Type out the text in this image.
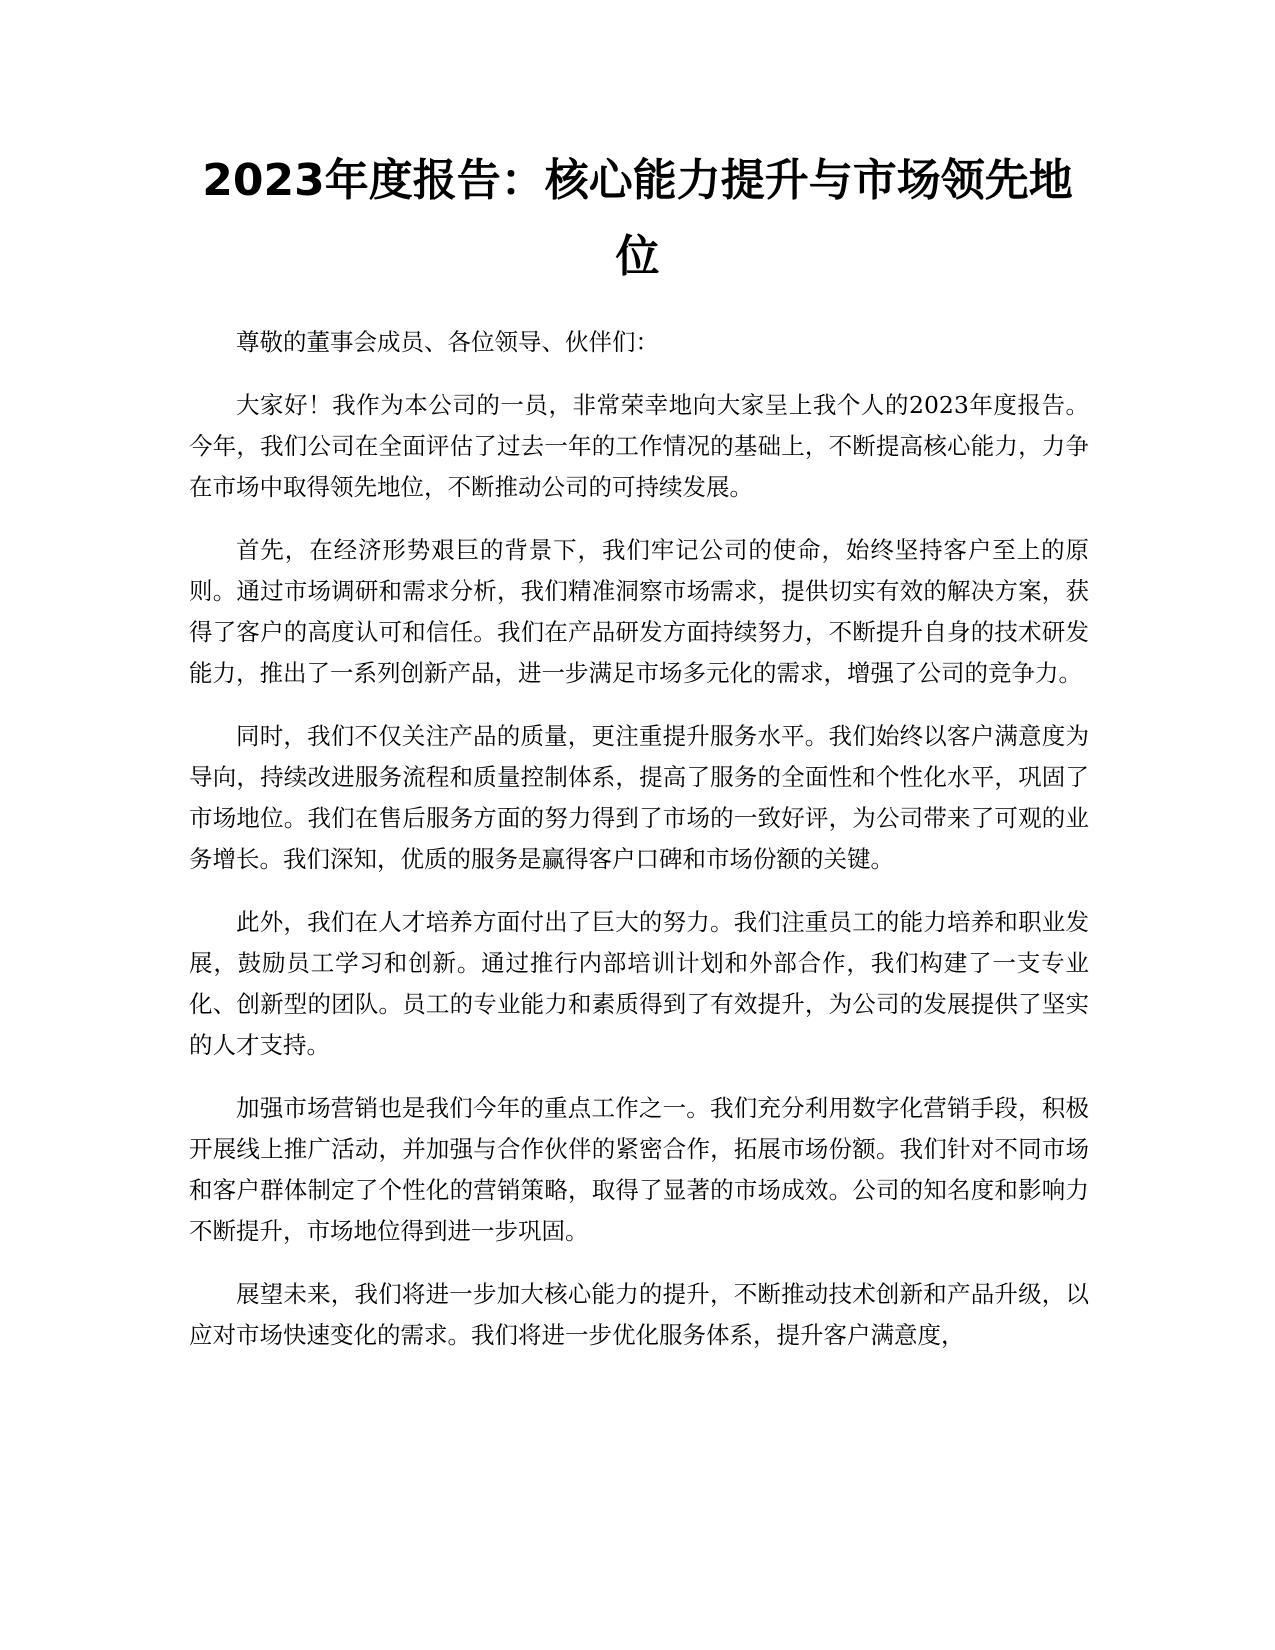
2023年度报告：核心能力提升与市场领先地位

尊敬的董事会成员、各位领导、伙伴们：

大家好！我作为本公司的一员，非常荣幸地向大家呈上我个人的2023年度报告。今年，我们公司在全面评估了过去一年的工作情况的基础上，不断提高核心能力，力争在市场中取得领先地位，不断推动公司的可持续发展。

首先，在经济形势艰巨的背景下，我们牢记公司的使命，始终坚持客户至上的原则。通过市场调研和需求分析，我们精准洞察市场需求，提供切实有效的解决方案，获得了客户的高度认可和信任。我们在产品研发方面持续努力，不断提升自身的技术研发能力，推出了一系列创新产品，进一步满足市场多元化的需求，增强了公司的竞争力。

同时，我们不仅关注产品的质量，更注重提升服务水平。我们始终以客户满意度为导向，持续改进服务流程和质量控制体系，提高了服务的全面性和个性化水平，巩固了市场地位。我们在售后服务方面的努力得到了市场的一致好评，为公司带来了可观的业务增长。我们深知，优质的服务是赢得客户口碑和市场份额的关键。

此外，我们在人才培养方面付出了巨大的努力。我们注重员工的能力培养和职业发展，鼓励员工学习和创新。通过推行内部培训计划和外部合作，我们构建了一支专业化、创新型的团队。员工的专业能力和素质得到了有效提升，为公司的发展提供了坚实的人才支持。

加强市场营销也是我们今年的重点工作之一。我们充分利用数字化营销手段，积极开展线上推广活动，并加强与合作伙伴的紧密合作，拓展市场份额。我们针对不同市场和客户群体制定了个性化的营销策略，取得了显著的市场成效。公司的知名度和影响力不断提升，市场地位得到进一步巩固。

展望未来，我们将进一步加大核心能力的提升，不断推动技术创新和产品升级，以应对市场快速变化的需求。我们将进一步优化服务体系，提升客户满意度，
